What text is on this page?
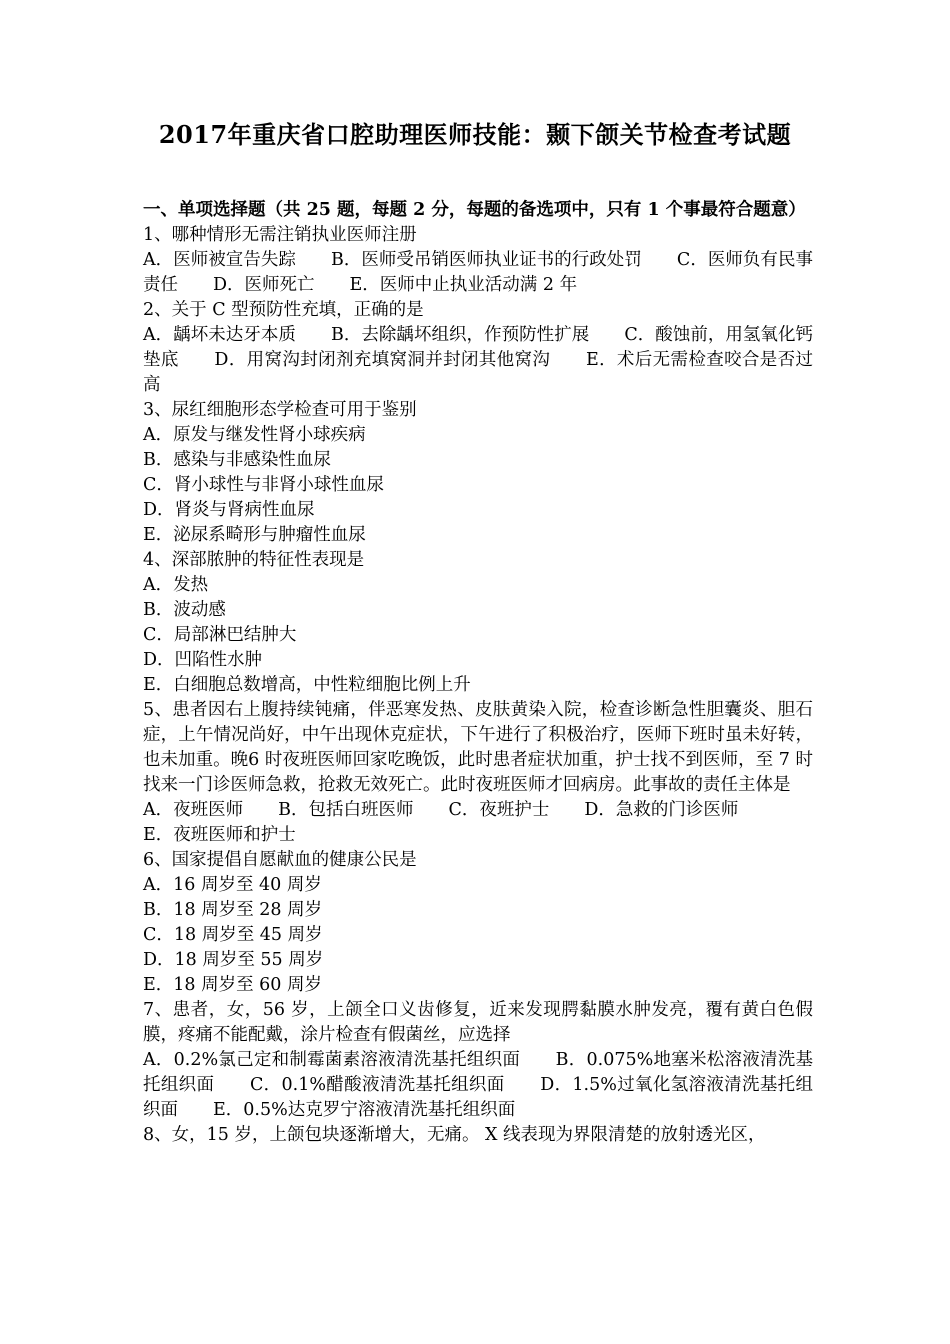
2017年重庆省口腔助理医师技能：颞下颌关节检查考试题
一、单项选择题（共 25 题，每题 2 分，每题的备选项中，只有 1 个事最符合题意）
1、哪种情形无需注销执业医师注册
A．医师被宣告失踪　　B．医师受吊销医师执业证书的行政处罚　　C．医师负有民事责任　　D．医师死亡　　E．医师中止执业活动满 2 年
2、关于 C 型预防性充填，正确的是
A．龋坏未达牙本质　　B．去除龋坏组织，作预防性扩展　　C．酸蚀前，用氢氧化钙垫底　　D．用窝沟封闭剂充填窝洞并封闭其他窝沟　　E．术后无需检查咬合是否过高
3、尿红细胞形态学检查可用于鉴别
A．原发与继发性肾小球疾病
B．感染与非感染性血尿
C．肾小球性与非肾小球性血尿
D．肾炎与肾病性血尿
E．泌尿系畸形与肿瘤性血尿
4、深部脓肿的特征性表现是
A．发热
B．波动感
C．局部淋巴结肿大
D．凹陷性水肿
E．白细胞总数增高，中性粒细胞比例上升
5、患者因右上腹持续钝痛，伴恶寒发热、皮肤黄染入院，检查诊断急性胆囊炎、胆石症，上午情况尚好，中午出现休克症状，下午进行了积极治疗，医师下班时虽未好转，也未加重。晚6 时夜班医师回家吃晚饭，此时患者症状加重，护士找不到医师，至 7 时找来一门诊医师急救，抢救无效死亡。此时夜班医师才回病房。此事故的责任主体是
A．夜班医师　　B．包括白班医师　　C．夜班护士　　D．急救的门诊医师
E．夜班医师和护士
6、国家提倡自愿献血的健康公民是
A．16 周岁至 40 周岁
B．18 周岁至 28 周岁
C．18 周岁至 45 周岁
D．18 周岁至 55 周岁
E．18 周岁至 60 周岁
7、患者，女，56 岁，上颌全口义齿修复，近来发现腭黏膜水肿发亮，覆有黄白色假膜，疼痛不能配戴，涂片检查有假菌丝，应选择
A．0.2%氯己定和制霉菌素溶液清洗基托组织面　　B．0.075%地塞米松溶液清洗基托组织面　　C．0.1%醋酸液清洗基托组织面　　D．1.5%过氧化氢溶液清洗基托组织面　　E．0.5%达克罗宁溶液清洗基托组织面
8、女，15 岁，上颌包块逐渐增大，无痛。 X 线表现为界限清楚的放射透光区，
